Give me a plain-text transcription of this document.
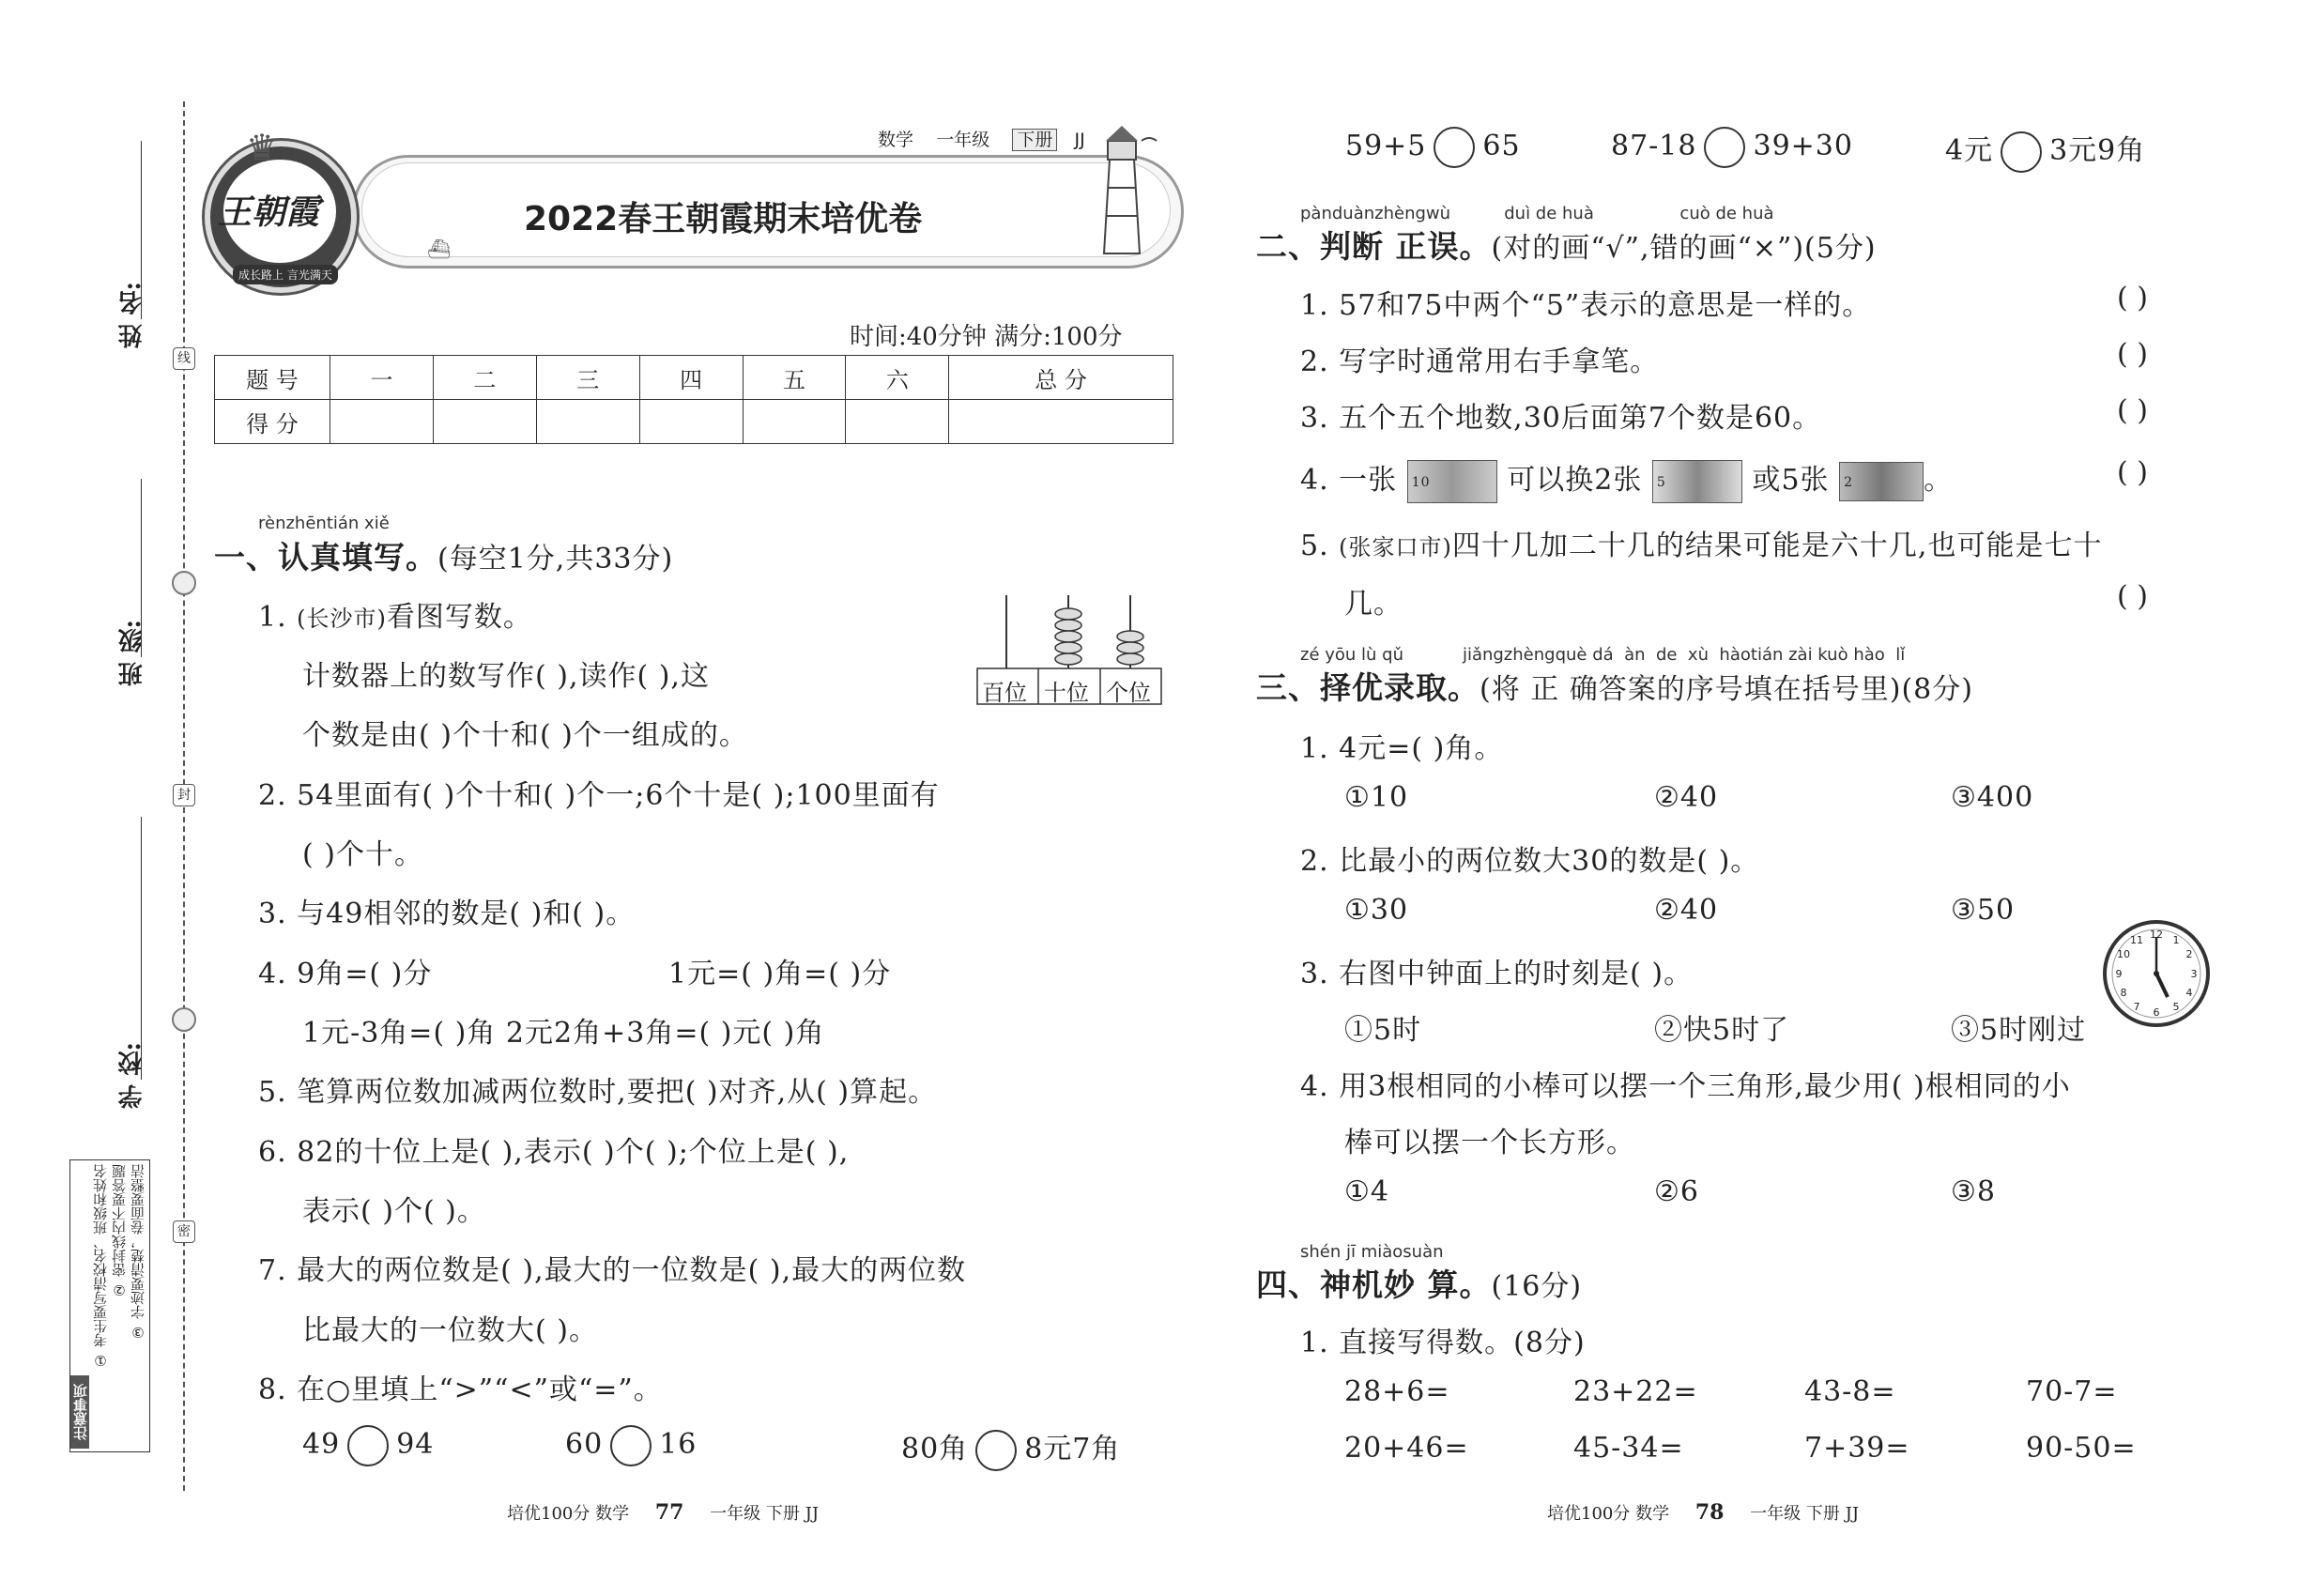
线
封
密
姓 名:
班 级:
学 校:
注意事项
① 考生要写清校名、班级和姓名 ② 密封线内不要答题 ③ 字迹要清楚，卷面要整洁
王朝霞
♛
成长路上 言光满天
数学 一年级 下册 JJ
2022春王朝霞期末培优卷
⛴
时间:40分钟 满分:100分
题 号	一	二	三	四	五	六	总 分
得 分							
rènzhēntián xiě
一、认真填写。(每空1分,共33分)
1. (长沙市)看图写数。
计数器上的数写作( ),读作( ),这
个数是由( )个十和( )个一组成的。
百位 十位 个位
2. 54里面有( )个十和( )个一;6个十是( );100里面有
( )个十。
3. 与49相邻的数是( )和( )。
4. 9角=( )分	1元=( )角=( )分
1元-3角=( )角 2元2角+3角=( )元( )角
5. 笔算两位数加减两位数时,要把( )对齐,从( )算起。
6. 82的十位上是( ),表示( )个( );个位上是( ),
表示( )个( )。
7. 最大的两位数是( ),最大的一位数是( ),最大的两位数
比最大的一位数大( )。
8. 在○里填上“>”“<”或“=”。
49 94	60 16	80角 8元7角
培优100分 数学 77 一年级 下册 JJ
59+5 65	87-18 39+30	4元 3元9角
pànduànzhèngwù          duì de huà                cuò de huà
二、判断 正误。(对的画“√”,错的画“×”)(5分)
1. 57和75中两个“5”表示的意思是一样的。	( )
2. 写字时通常用右手拿笔。	( )
3. 五个五个地数,30后面第7个数是60。	( )
4. 一张 10	可以换2张 5	或5张 2	。	( )
5. (张家口市)四十几加二十几的结果可能是六十几,也可能是七十
几。	( )
zé yōu lù qǔ           jiǎngzhèngquè dá  àn  de  xù  hàotián zài kuò hào  lǐ
三、择优录取。(将 正 确答案的序号填在括号里)(8分)
1. 4元=( )角。
①10	②40	③400
2. 比最小的两位数大30的数是( )。
①30	②40	③50
3. 右图中钟面上的时刻是( )。
①5时	②快5时了	③5时刚过
12 1
2
3
4
5
6
7
8
9
10
11
4. 用3根相同的小棒可以摆一个三角形,最少用( )根相同的小
棒可以摆一个长方形。
①4	②6	③8
shén jī miàosuàn
四、神机妙 算。(16分)
1. 直接写得数。(8分)
28+6=	23+22=	43-8=	70-7=
20+46=	45-34=	7+39=	90-50=
培优100分 数学 78 一年级 下册 JJ
